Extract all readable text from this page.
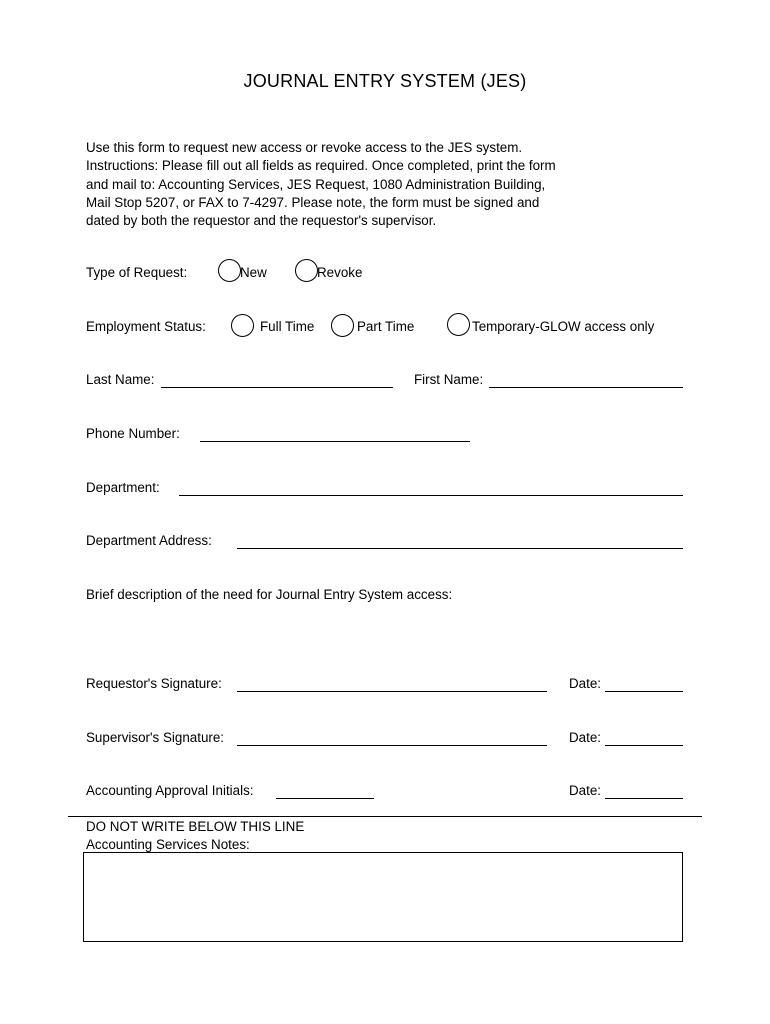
JOURNAL ENTRY SYSTEM (JES)
Use this form to request new access or revoke access to the JES system.
Instructions: Please fill out all fields as required. Once completed, print the form
and mail to: Accounting Services, JES Request, 1080 Administration Building,
Mail Stop 5207, or FAX to 7-4297. Please note, the form must be signed and
dated by both the requestor and the requestor's supervisor.
Type of Request:	New	Revoke
Employment Status:	Full Time	Part Time	Temporary-GLOW access only
Last Name:	First Name:
Phone Number:
Department:
Department Address:
Brief description of the need for Journal Entry System access:
Requestor's Signature:	Date:
Supervisor's Signature:	Date:
Accounting Approval Initials:	Date:
DO NOT WRITE BELOW THIS LINE
Accounting Services Notes:
